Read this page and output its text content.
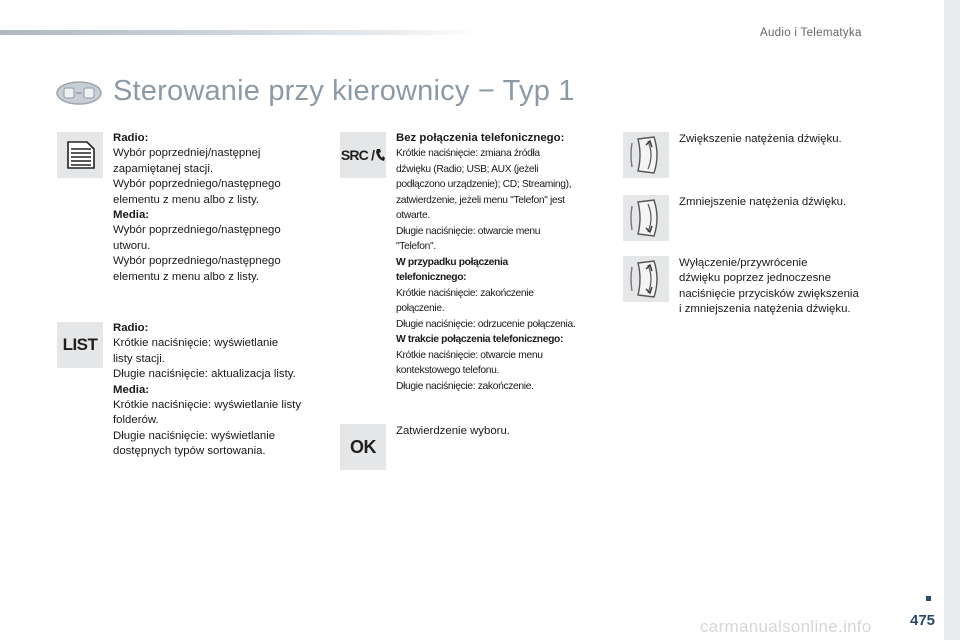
Audio i Telematyka
Sterowanie przy kierownicy − Typ 1
Radio:
Wybór poprzedniej/następnej
zapamiętanej stacji.
Wybór poprzedniego/następnego
elementu z menu albo z listy.
Media:
Wybór poprzedniego/następnego
utworu.
Wybór poprzedniego/następnego
elementu z menu albo z listy.
LIST
Radio:
Krótkie naciśnięcie: wyświetlanie
listy stacji.
Długie naciśnięcie: aktualizacja listy.
Media:
Krótkie naciśnięcie: wyświetlanie listy
folderów.
Długie naciśnięcie: wyświetlanie
dostępnych typów sortowania.
SRC /
Bez połączenia telefonicznego:
Krótkie naciśnięcie: zmiana źródła
dźwięku (Radio; USB; AUX (jeżeli
podłączono urządzenie); CD; Streaming),
zatwierdzenie, jeżeli menu "Telefon" jest
otwarte.
Długie naciśnięcie: otwarcie menu
"Telefon".
W przypadku połączenia
telefonicznego:
Krótkie naciśnięcie: zakończenie
połączenie.
Długie naciśnięcie: odrzucenie połączenia.
W trakcie połączenia telefonicznego:
Krótkie naciśnięcie: otwarcie menu
kontekstowego telefonu.
Długie naciśnięcie: zakończenie.
OK
Zatwierdzenie wyboru.
Zwiększenie natężenia dźwięku.
Zmniejszenie natężenia dźwięku.
Wyłączenie/przywrócenie
dźwięku poprzez jednoczesne
naciśnięcie przycisków zwiększenia
i zmniejszenia natężenia dźwięku.
carmanualsonline.info	475
